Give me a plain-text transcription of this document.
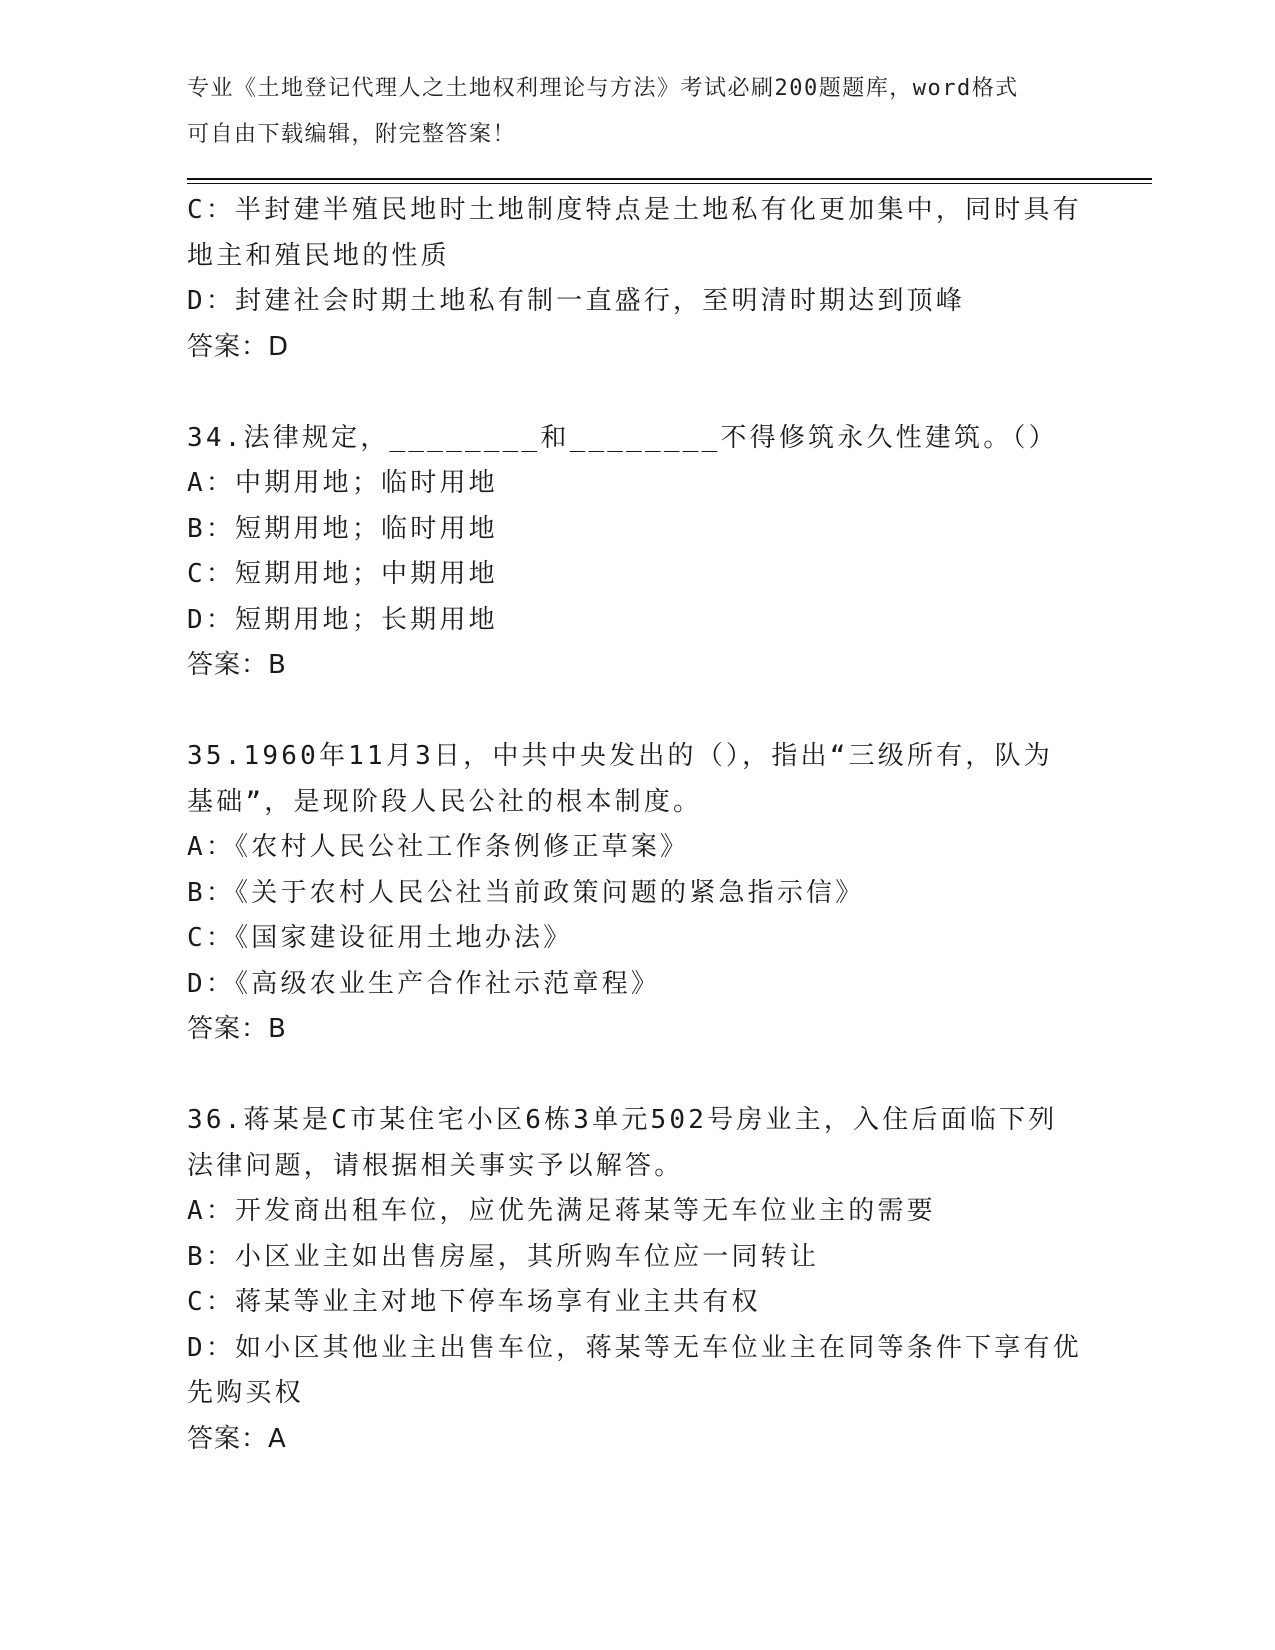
专业《土地登记代理人之土地权利理论与方法》考试必刷200题题库，word格式
可自由下载编辑，附完整答案！
C：半封建半殖民地时土地制度特点是土地私有化更加集中，同时具有
地主和殖民地的性质
D：封建社会时期土地私有制一直盛行，至明清时期达到顶峰
答案：D
34.法律规定，________和________不得修筑永久性建筑。（）
A：中期用地；临时用地
B：短期用地；临时用地
C：短期用地；中期用地
D：短期用地；长期用地
答案：B
35.1960年11月3日，中共中央发出的（），指出“三级所有，队为
基础”，是现阶段人民公社的根本制度。
A：《农村人民公社工作条例修正草案》
B：《关于农村人民公社当前政策问题的紧急指示信》
C：《国家建设征用土地办法》
D：《高级农业生产合作社示范章程》
答案：B
36.蒋某是C市某住宅小区6栋3单元502号房业主，入住后面临下列
法律问题，请根据相关事实予以解答。
A：开发商出租车位，应优先满足蒋某等无车位业主的需要
B：小区业主如出售房屋，其所购车位应一同转让
C：蒋某等业主对地下停车场享有业主共有权
D：如小区其他业主出售车位，蒋某等无车位业主在同等条件下享有优
先购买权
答案：A
